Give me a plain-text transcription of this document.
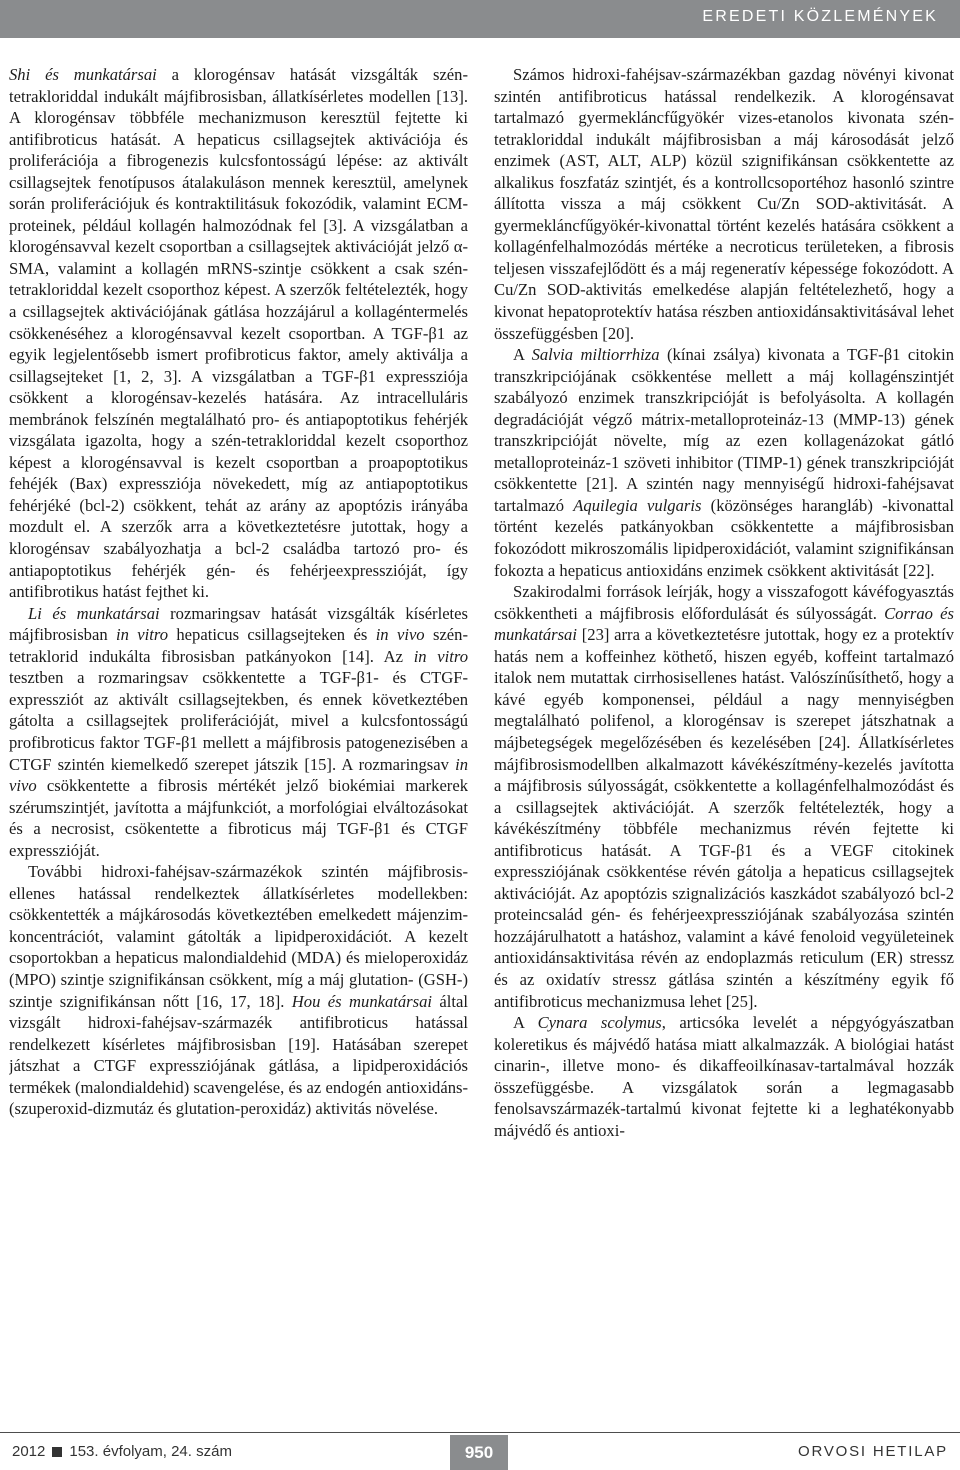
EREDETI KÖZLEMÉNYEK

Shi és munkatársai a klorogénsav hatását vizsgálták szén-tetrakloriddal indukált májfibrosisban, állatkísérletes modellen [13]. A klorogénsav többféle mechanizmuson keresztül fejtette ki antifibroticus hatását. A hepaticus csillagsejtek aktivációja és proliferációja a fibrogenezis kulcsfontosságú lépése: az aktivált csillagsejtek fenotípusos átalakuláson mennek keresztül, amelynek során proliferációjuk és kontraktilitásuk fokozódik, valamint ECM-proteinek, például kollagén halmozódnak fel [3]. A vizsgálatban a klorogénsavval kezelt csoportban a csillagsejtek aktivációját jelző α-SMA, valamint a kollagén mRNS-szintje csökkent a csak szén-tetrakloriddal kezelt csoporthoz képest. A szerzők feltételezték, hogy a csillagsejtek aktivációjának gátlása hozzájárul a kollagéntermelés csökkenéséhez a klorogénsavval kezelt csoportban. A TGF-β1 az egyik legjelentősebb ismert profibroticus faktor, amely aktiválja a csillagsejteket [1, 2, 3]. A vizsgálatban a TGF-β1 expressziója csökkent a klorogénsav-kezelés hatására. Az intracelluláris membránok felszínén megtalálható pro- és antiapoptotikus fehérjék vizsgálata igazolta, hogy a szén-tetrakloriddal kezelt csoporthoz képest a klorogénsavval is kezelt csoportban a proapoptotikus fehéjék (Bax) expressziója növekedett, míg az antiapoptotikus fehérjéké (bcl-2) csökkent, tehát az arány az apoptózis irányába mozdult el. A szerzők arra a következtetésre jutottak, hogy a klorogénsav szabályozhatja a bcl-2 családba tartozó pro- és antiapoptotikus fehérjék gén- és fehérjeexpresszióját, így antifibrotikus hatást fejthet ki.

Li és munkatársai rozmaringsav hatását vizsgálták kísérletes májfibrosisban in vitro hepaticus csillagsejteken és in vivo szén-tetraklorid indukálta fibrosisban patkányokon [14]. Az in vitro tesztben a rozmaringsav csökkentette a TGF-β1- és CTGF-expressziót az aktivált csillagsejtekben, és ennek következtében gátolta a csillagsejtek proliferációját, mivel a kulcsfontosságú profibroticus faktor TGF-β1 mellett a májfibrosis patogenezisében a CTGF szintén kiemelkedő szerepet játszik [15]. A rozmaringsav in vivo csökkentette a fibrosis mértékét jelző biokémiai markerek szérumszintjét, javította a májfunkciót, a morfológiai elváltozásokat és a necrosist, csökentette a fibroticus máj TGF-β1 és CTGF expresszióját.

További hidroxi-fahéjsav-származékok szintén májfibrosis-ellenes hatással rendelkeztek állatkísérletes modellekben: csökkentették a májkárosodás következtében emelkedett májenzim-koncentrációt, valamint gátolták a lipidperoxidációt. A kezelt csoportokban a hepaticus malondialdehid (MDA) és mieloperoxidáz (MPO) szintje szignifikánsan csökkent, míg a máj glutation- (GSH-) szintje szignifikánsan nőtt [16, 17, 18]. Hou és munkatársai által vizsgált hidroxi-fahéjsav-származék antifibroticus hatással rendelkezett kísérletes májfibrosisban [19]. Hatásában szerepet játszhat a CTGF expressziójának gátlása, a lipidperoxidációs termékek (malondialdehid) scavengelése, és az endogén antioxidáns- (szuperoxid-dizmutáz és glutation-peroxidáz) aktivitás növelése.

Számos hidroxi-fahéjsav-származékban gazdag növényi kivonat szintén antifibroticus hatással rendelkezik. A klorogénsavat tartalmazó gyermekláncfűgyökér vizes-etanolos kivonata szén-tetrakloriddal indukált májfibrosisban a máj károsodását jelző enzimek (AST, ALT, ALP) közül szignifikánsan csökkentette az alkalikus foszfatáz szintjét, és a kontrollcsoportéhoz hasonló szintre állította vissza a máj csökkent Cu/Zn SOD-aktivitását. A gyermekláncfűgyökér-kivonattal történt kezelés hatására csökkent a kollagénfelhalmozódás mértéke a necroticus területeken, a fibrosis teljesen visszafejlődött és a máj regeneratív képessége fokozódott. A Cu/Zn SOD-aktivitás emelkedése alapján feltételezhető, hogy a kivonat hepatoprotektív hatása részben antioxidánsaktivitásával lehet összefüggésben [20].

A Salvia miltiorrhiza (kínai zsálya) kivonata a TGF-β1 citokin transzkripciójának csökkentése mellett a máj kollagénszintjét szabályozó enzimek transzkripcióját is befolyásolta. A kollagén degradációját végző mátrix-metalloproteináz-13 (MMP-13) gének transzkripcióját növelte, míg az ezen kollagenázokat gátló metalloproteináz-1 szöveti inhibitor (TIMP-1) gének transzkripcióját csökkentette [21]. A szintén nagy mennyiségű hidroxi-fahéjsavat tartalmazó Aquilegia vulgaris (közönséges harangláb) -kivonattal történt kezelés patkányokban csökkentette a májfibrosisban fokozódott mikroszomális lipidperoxidációt, valamint szignifikánsan fokozta a hepaticus antioxidáns enzimek csökkent aktivitását [22].

Szakirodalmi források leírják, hogy a visszafogott kávéfogyasztás csökkentheti a májfibrosis előfordulását és súlyosságát. Corrao és munkatársai [23] arra a következtetésre jutottak, hogy ez a protektív hatás nem a koffeinhez köthető, hiszen egyéb, koffeint tartalmazó italok nem mutattak cirrhosisellenes hatást. Valószínűsíthető, hogy a kávé egyéb komponensei, például a nagy mennyiségben megtalálható polifenol, a klorogénsav is szerepet játszhatnak a májbetegségek megelőzésében és kezelésében [24]. Állatkísérletes májfibrosismodellben alkalmazott kávékészítmény-kezelés javította a májfibrosis súlyosságát, csökkentette a kollagénfelhalmozódást és a csillagsejtek aktivációját. A szerzők feltételezték, hogy a kávékészítmény többféle mechanizmus révén fejtette ki antifibroticus hatását. A TGF-β1 és a VEGF citokinek expressziójának csökkentése révén gátolja a hepaticus csillagsejtek aktivációját. Az apoptózis szignalizációs kaszkádot szabályozó bcl-2 proteincsalád gén- és fehérjeexpressziójának szabályozása szintén hozzájárulhatott a hatáshoz, valamint a kávé fenoloid vegyületeinek antioxidánsaktivitása révén az endoplazmás reticulum (ER) stressz és az oxidatív stressz gátlása szintén a készítmény egyik fő antifibroticus mechanizmusa lehet [25].

A Cynara scolymus, articsóka levelét a népgyógyászatban koleretikus és májvédő hatása miatt alkalmazzák. A biológiai hatást cinarin-, illetve mono- és dikaffeoilkínasav-tartalmával hozzák összefüggésbe. A vizsgálatok során a legmagasabb fenolsavszármazék-tartalmú kivonat fejtette ki a leghatékonyabb májvédő és antioxi-

2012 153. évfolyam, 24. szám	950	ORVOSI HETILAP
